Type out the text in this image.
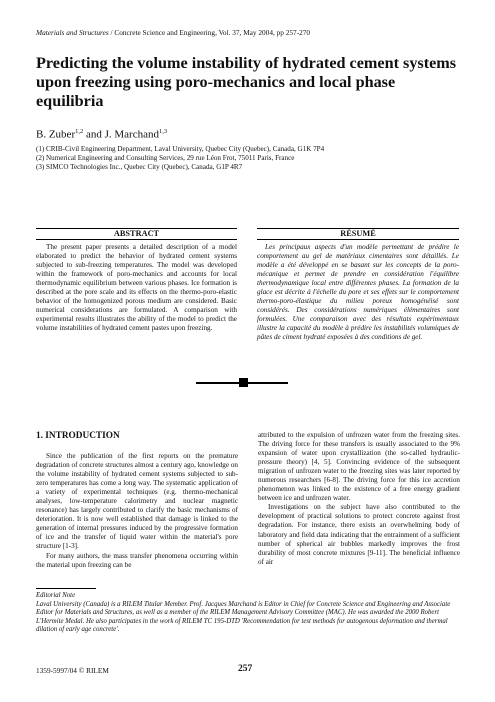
Materials and Structures / Concrete Science and Engineering, Vol. 37, May 2004, pp 257-270
Predicting the volume instability of hydrated cement systems upon freezing using poro-mechanics and local phase equilibria
B. Zuber$^{1,2}$ and J. Marchand$^{1,3}$
(1) CRIB-Civil Engineering Department, Laval University, Quebec City (Quebec), Canada, G1K 7P4
(2) Numerical Engineering and Consulting Services, 29 rue Léon Frot, 75011 Paris, France
(3) SIMCO Technologies Inc., Quebec City (Quebec), Canada, G1P 4R7
ABSTRACT	RÉSUMÉ
The present paper presents a detailed description of a model elaborated to predict the behavior of hydrated cement systems subjected to sub-freezing temperatures. The model was developed within the framework of poro-mechanics and accounts for local thermodynamic equilibrium between various phases. Ice formation is described at the pore scale and its effects on the thermo-poro-elastic behavior of the homogenized porous medium are considered. Basic numerical considerations are formulated. A comparison with experimental results illustrates the ability of the model to predict the volume instabilities of hydrated cement pastes upon freezing.
Les principaux aspects d'un modèle permettant de prédire le comportement au gel de matériaux cimentaires sont détaillés. Le modèle a été développé en se basant sur les concepts de la poro-mécanique et permet de prendre en considération l'équilibre thermodynamique local entre différentes phases. La formation de la glace est décrite à l'échelle du pore et ses effets sur le comportement thermo-poro-élastique du milieu poreux homogénéisé sont considérés. Des considérations numériques élémentaires sont formulées. Une comparaison avec des résultats expérimentaux illustre la capacité du modèle à prédire les instabilités volumiques de pâtes de ciment hydraté exposées à des conditions de gel.
1. INTRODUCTION

Since the publication of the first reports on the premature degradation of concrete structures almost a century ago, knowledge on the volume instability of hydrated cement systems subjected to sub-zero temperatures has come a long way. The systematic application of a variety of experimental techniques (e.g. thermo-mechanical analyses, low-temperature calorimetry and nuclear magnetic resonance) has largely contributed to clarify the basic mechanisms of deterioration. It is now well established that damage is linked to the generation of internal pressures induced by the progressive formation of ice and the transfer of liquid water within the material's pore structure [1-3].

For many authors, the mass transfer phenomena occurring within the material upon freezing can be

attributed to the expulsion of unfrozen water from the freezing sites. The driving force for these transfers is usually associated to the 9% expansion of water upon crystallization (the so-called hydraulic-pressure theory) [4, 5]. Convincing evidence of the subsequent migration of unfrozen water to the freezing sites was later reported by numerous researchers [6-8]. The driving force for this ice accretion phenomenon was linked to the existence of a free energy gradient between ice and unfrozen water.

Investigations on the subject have also contributed to the development of practical solutions to protect concrete against frost degradation. For instance, there exists an overwhelming body of laboratory and field data indicating that the entrainment of a sufficient number of spherical air bubbles markedly improves the frost durability of most concrete mixtures [9-11]. The beneficial influence of air

Editorial Note
Laval University (Canada) is a RILEM Titular Member. Prof. Jacques Marchand is Editor in Chief for Concrete Science and Engineering and Associate Editor for Materials and Structures, as well as a member of the RILEM Management Advisory Committee (MAC). He was awarded the 2000 Robert L'Hermite Medal. He also participates in the work of RILEM TC 195-DTD 'Recommendation for test methods for autogenous deformation and thermal dilation of early age concrete'.
1359-5997/04 © RILEM	257
